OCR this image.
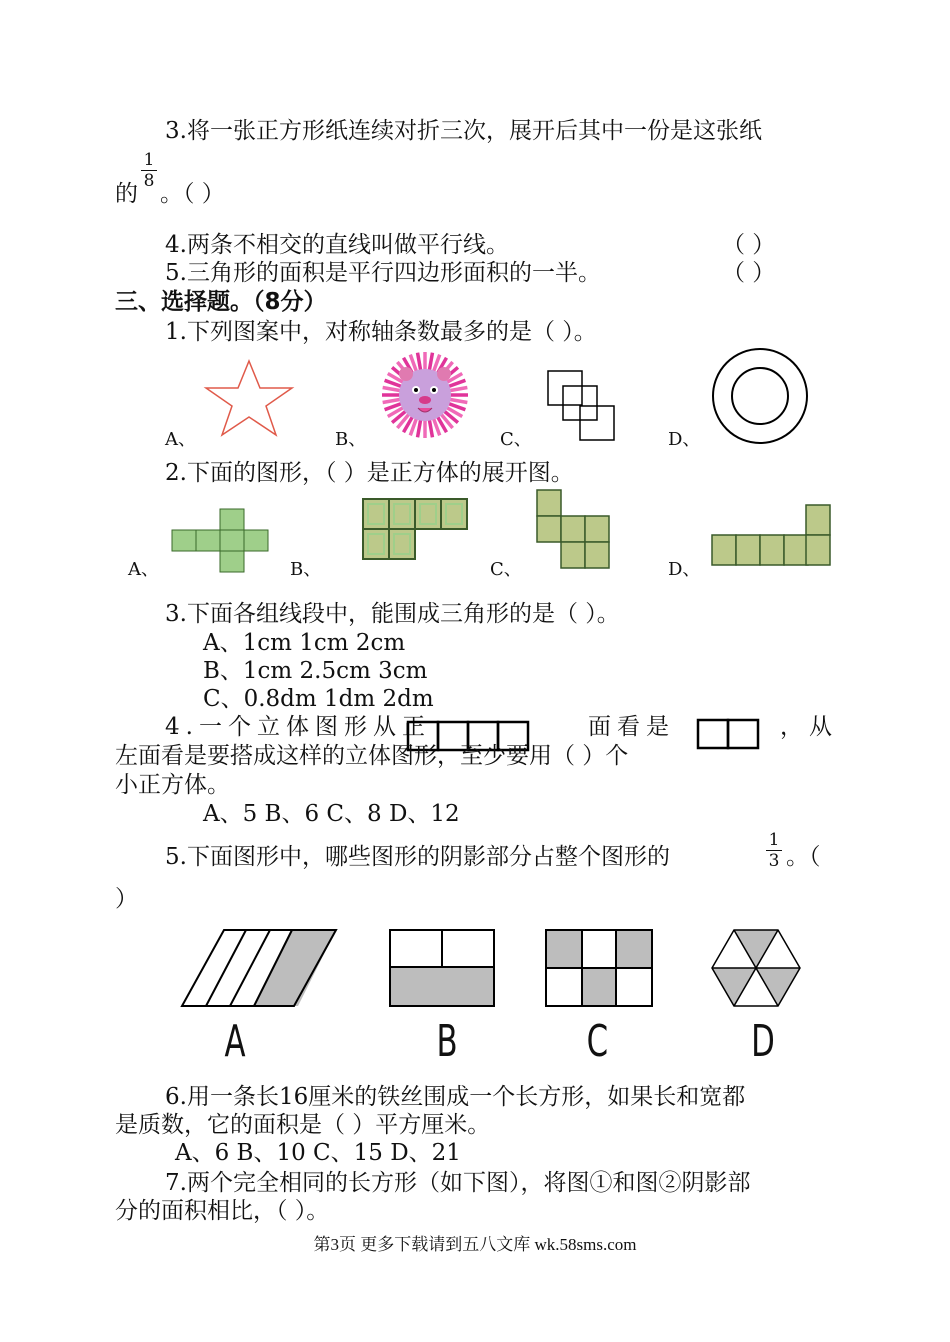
3.将一张正方形纸连续对折三次，展开后其中一份是这张纸
1
8
的 。（ ）
4.两条不相交的直线叫做平行线。	（ ）
5.三角形的面积是平行四边形面积的一半。	（ ）
三、选择题。（8分）
1.下列图案中，对称轴条数最多的是（ ）。
A、	B、	C、	D、
2.下面的图形，（ ）是正方体的展开图。
A、	B、	C、	D、
3.下面各组线段中，能围成三角形的是（ ）。
A、1cm 1cm 2cm
B、1cm 2.5cm 3cm
C、0.8dm 1dm 2dm
4.一个立体图形从正	面看是	，从
左面看是要搭成这样的立体图形，至少要用（ ）个
小正方体。
A、5 B、6 C、8 D、12
5.下面图形中，哪些图形的阴影部分占整个图形的
1
3 。（
）
A	B	C	D
6.用一条长16厘米的铁丝围成一个长方形，如果长和宽都
是质数，它的面积是（ ）平方厘米。
A、6 B、10 C、15 D、21
7.两个完全相同的长方形（如下图），将图①和图②阴影部
分的面积相比，（ ）。
第3页 更多下载请到五八文库 wk.58sms.com
